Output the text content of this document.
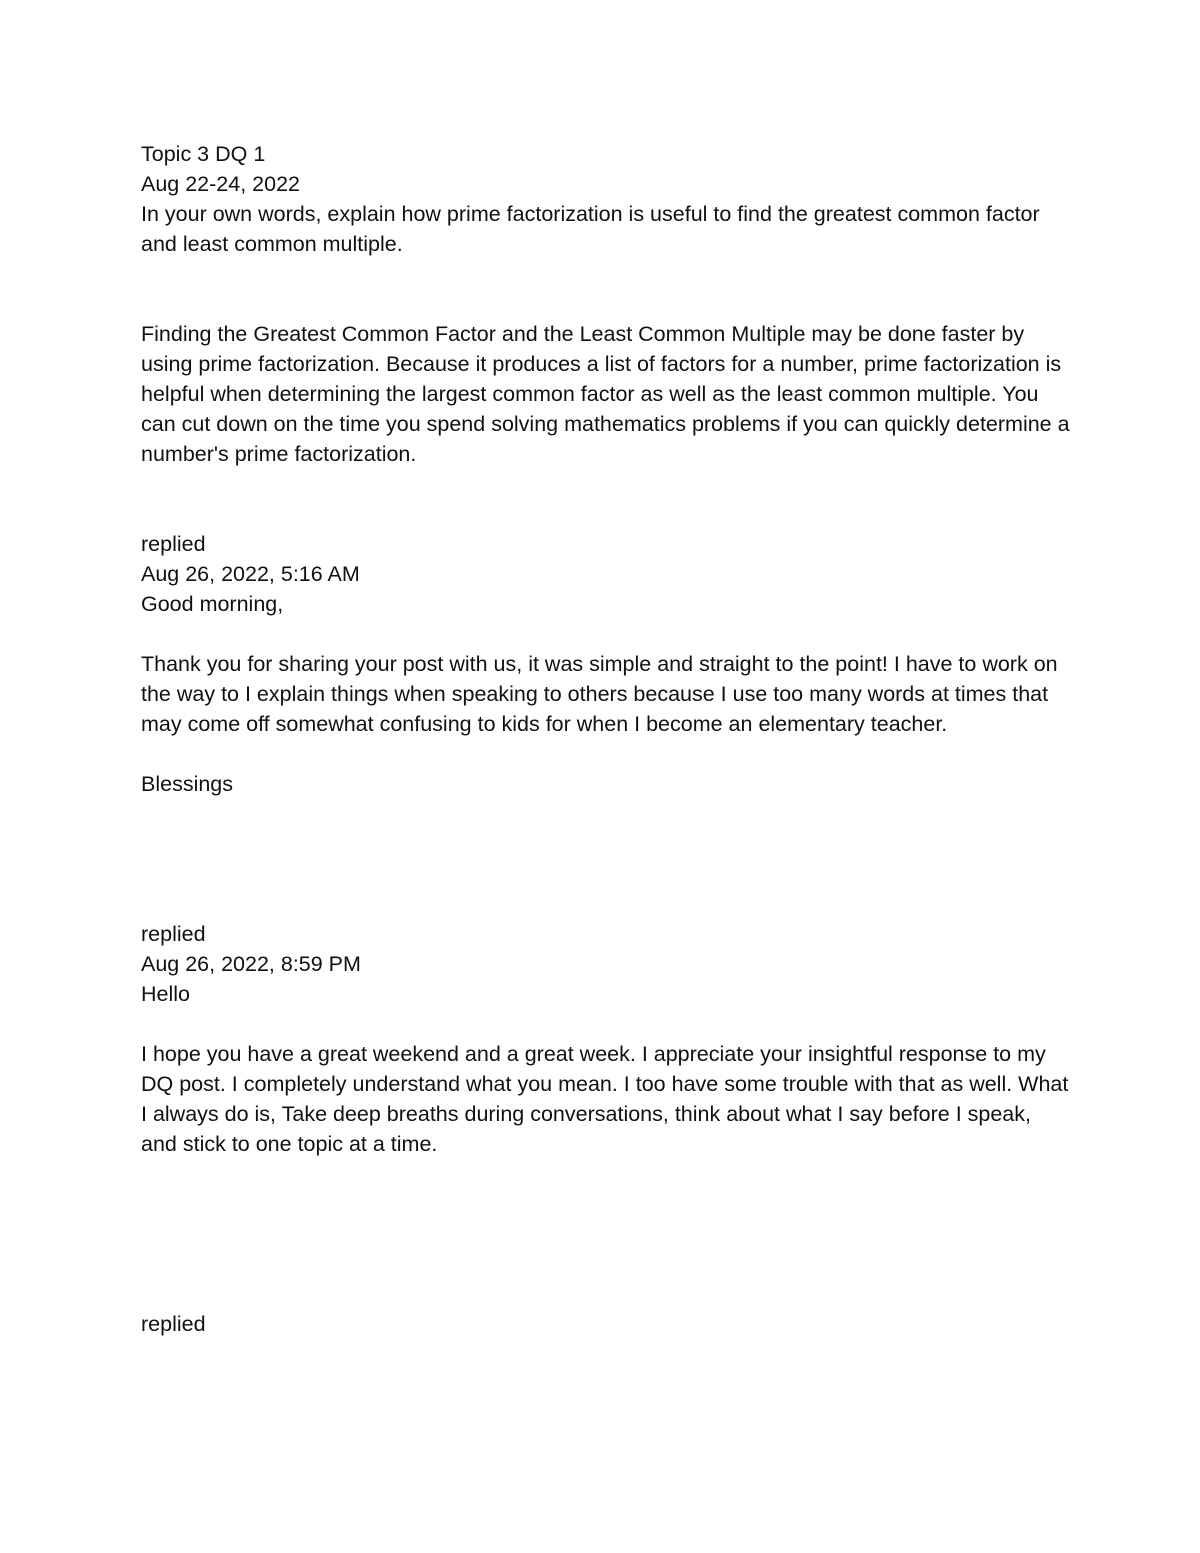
Topic 3 DQ 1
Aug 22-24, 2022
In your own words, explain how prime factorization is useful to find the greatest common factor and least common multiple.
Finding the Greatest Common Factor and the Least Common Multiple may be done faster by using prime factorization. Because it produces a list of factors for a number, prime factorization is helpful when determining the largest common factor as well as the least common multiple. You can cut down on the time you spend solving mathematics problems if you can quickly determine a number's prime factorization.
replied
Aug 26, 2022, 5:16 AM
Good morning,
Thank you for sharing your post with us, it was simple and straight to the point! I have to work on the way to I explain things when speaking to others because I use too many words at times that may come off somewhat confusing to kids for when I become an elementary teacher.
Blessings
replied
Aug 26, 2022, 8:59 PM
Hello
I hope you have a great weekend and a great week. I appreciate your insightful response to my DQ post. I completely understand what you mean. I too have some trouble with that as well. What I always do is, Take deep breaths during conversations, think about what I say before I speak, and stick to one topic at a time.
replied
